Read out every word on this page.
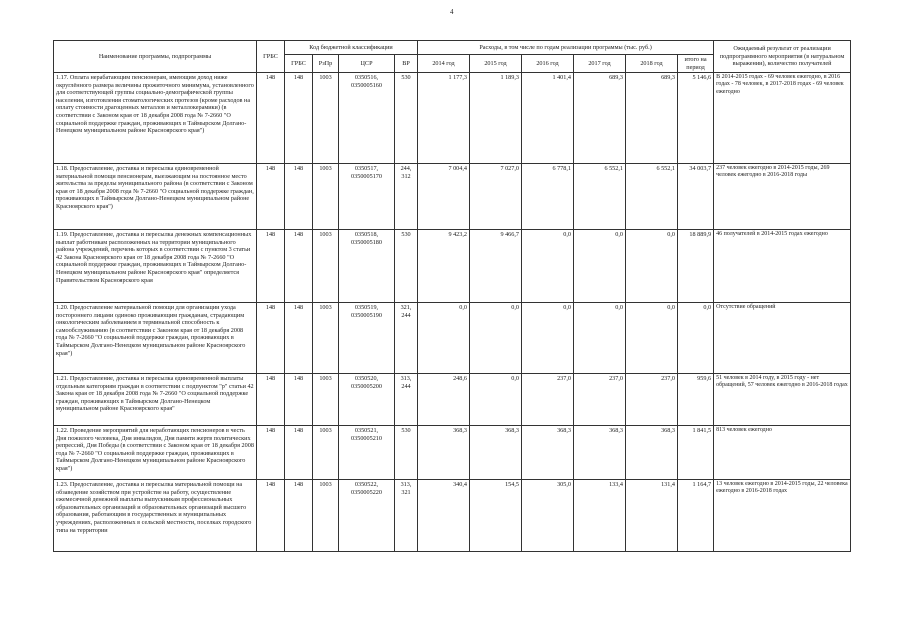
4
Наименование программы, подпрограммы	ГРБС	Код бюджетной классификации				Расходы, в том числе по годам реализации программы (тыс. руб.)						Ожидаемый результат от реализации подпрограммного мероприятия (в натуральном выражении), количество получателей
		ГРБС	РзПр	ЦСР	ВР	2014 год	2015 год	2016 год	2017 год	2018 год	итого на период	
1.17. Оплата нерабатающим пенсионерам, имеющим доход ниже округлённого размера величины прожиточного минимума, установленного для соответствующей группы социально-демографической группы населения, изготовления стоматологических протезов (кроме расходов на оплату стоимости драгоценных металлов и металлокерамики) (в соответствии с Законом края от 18 декабря 2008 года № 7-2660 "О социальной поддержке граждан, проживающих в Таймырском Долгано-Ненецком муниципальном районе Красноярского края")	148	148	1003	0350516, 0350005160	530	1 177,3	1 189,3	1 401,4	689,3	689,3	5 146,6	В 2014-2015 годах - 69 человек ежегодно, в 2016 годах - 78 человек, в 2017-2018 годах - 69 человек ежегодно
1.18. Предоставление, доставка и пересылка единовременной материальной помощи пенсионерам, выезжающим на постоянное место жительства за пределы муниципального района (в соответствии с Законом края от 18 декабря 2008 года № 7-2660 "О социальной поддержке граждан, проживающих в Таймырском Долгано-Ненецком муниципальном районе Красноярского края")	148	148	1003	0350517, 0350005170	244, 312	7 004,4	7 027,0	6 778,1	6 552,1	6 552,1	34 003,7	237 человек ежегодно в 2014-2015 годы, 269 человек ежегодно в 2016-2018 годы
1.19. Предоставление, доставка и пересылка денежных компенсационных выплат работникам расположенных на территории муниципального района учреждений, перечень которых в соответствии с пунктом 3 статьи 42 Закона Красноярского края от 18 декабря 2008 года № 7-2660 "О социальной поддержке граждан, проживающих в Таймырском Долгано-Ненецком муниципальном районе Красноярского края" определяется Правительством Красноярского края	148	148	1003	0350518, 0350005180	530	9 423,2	9 466,7	0,0	0,0	0,0	18 889,9	46 получателей в 2014-2015 годах ежегодно
1.20. Предоставление материальной помощи для организации ухода постороннего лицами одиноко проживающим гражданам, страдающим онкологическим заболеванием в терминальной способность к самообслуживанию (в соответствии с Законом края от 18 декабря 2008 года № 7-2660 "О социальной поддержке граждан, проживающих в Таймырском Долгано-Ненецком муниципальном районе Красноярского края")	148	148	1003	0350519, 0350005190	321, 244	0,0	0,0	0,0	0,0	0,0	0,0	Отсутствие обращений
1.21. Предоставление, доставка и пересылка единовременной выплаты отдельным категориям граждан в соответствии с подпунктом "р" статьи 42 Закона края от 18 декабря 2008 года № 7-2660 "О социальной поддержке граждан, проживающих в Таймырском Долгано-Ненецком муниципальном районе Красноярского края"	148	148	1003	0350520, 0350005200	313, 244	248,6	0,0	237,0	237,0	237,0	959,6	51 человек в 2014 году, в 2015 году - нет обращений, 57 человек ежегодно в 2016-2018 годах
1.22. Проведение мероприятий для неработающих пенсионеров в честь Дня пожилого человека, Дня инвалидов, Дня памяти жертв политических репрессий, Дня Победы (в соответствии с Законом края от 18 декабря 2008 года № 7-2660 "О социальной поддержке граждан, проживающих в Таймырском Долгано-Ненецком муниципальном районе Красноярского края")	148	148	1003	0350521, 0350005210	530	368,3	368,3	368,3	368,3	368,3	1 841,5	813 человек ежегодно
1.23. Предоставление, доставка и пересылка материальной помощи на обзаведение хозяйством при устройстве на работу, осуществление ежемесячной денежной выплаты выпускникам профессиональных образовательных организаций и образовательных организаций высшего образования, работающим в государственных и муниципальных учреждениях, расположенных в сельской местности, поселках городского типа на территории	148	148	1003	0350522, 0350005220	313, 321	340,4	154,5	305,0	133,4	131,4	1 164,7	13 человек ежегодно в 2014-2015 годы, 22 человека ежегодно в 2016-2018 годах
